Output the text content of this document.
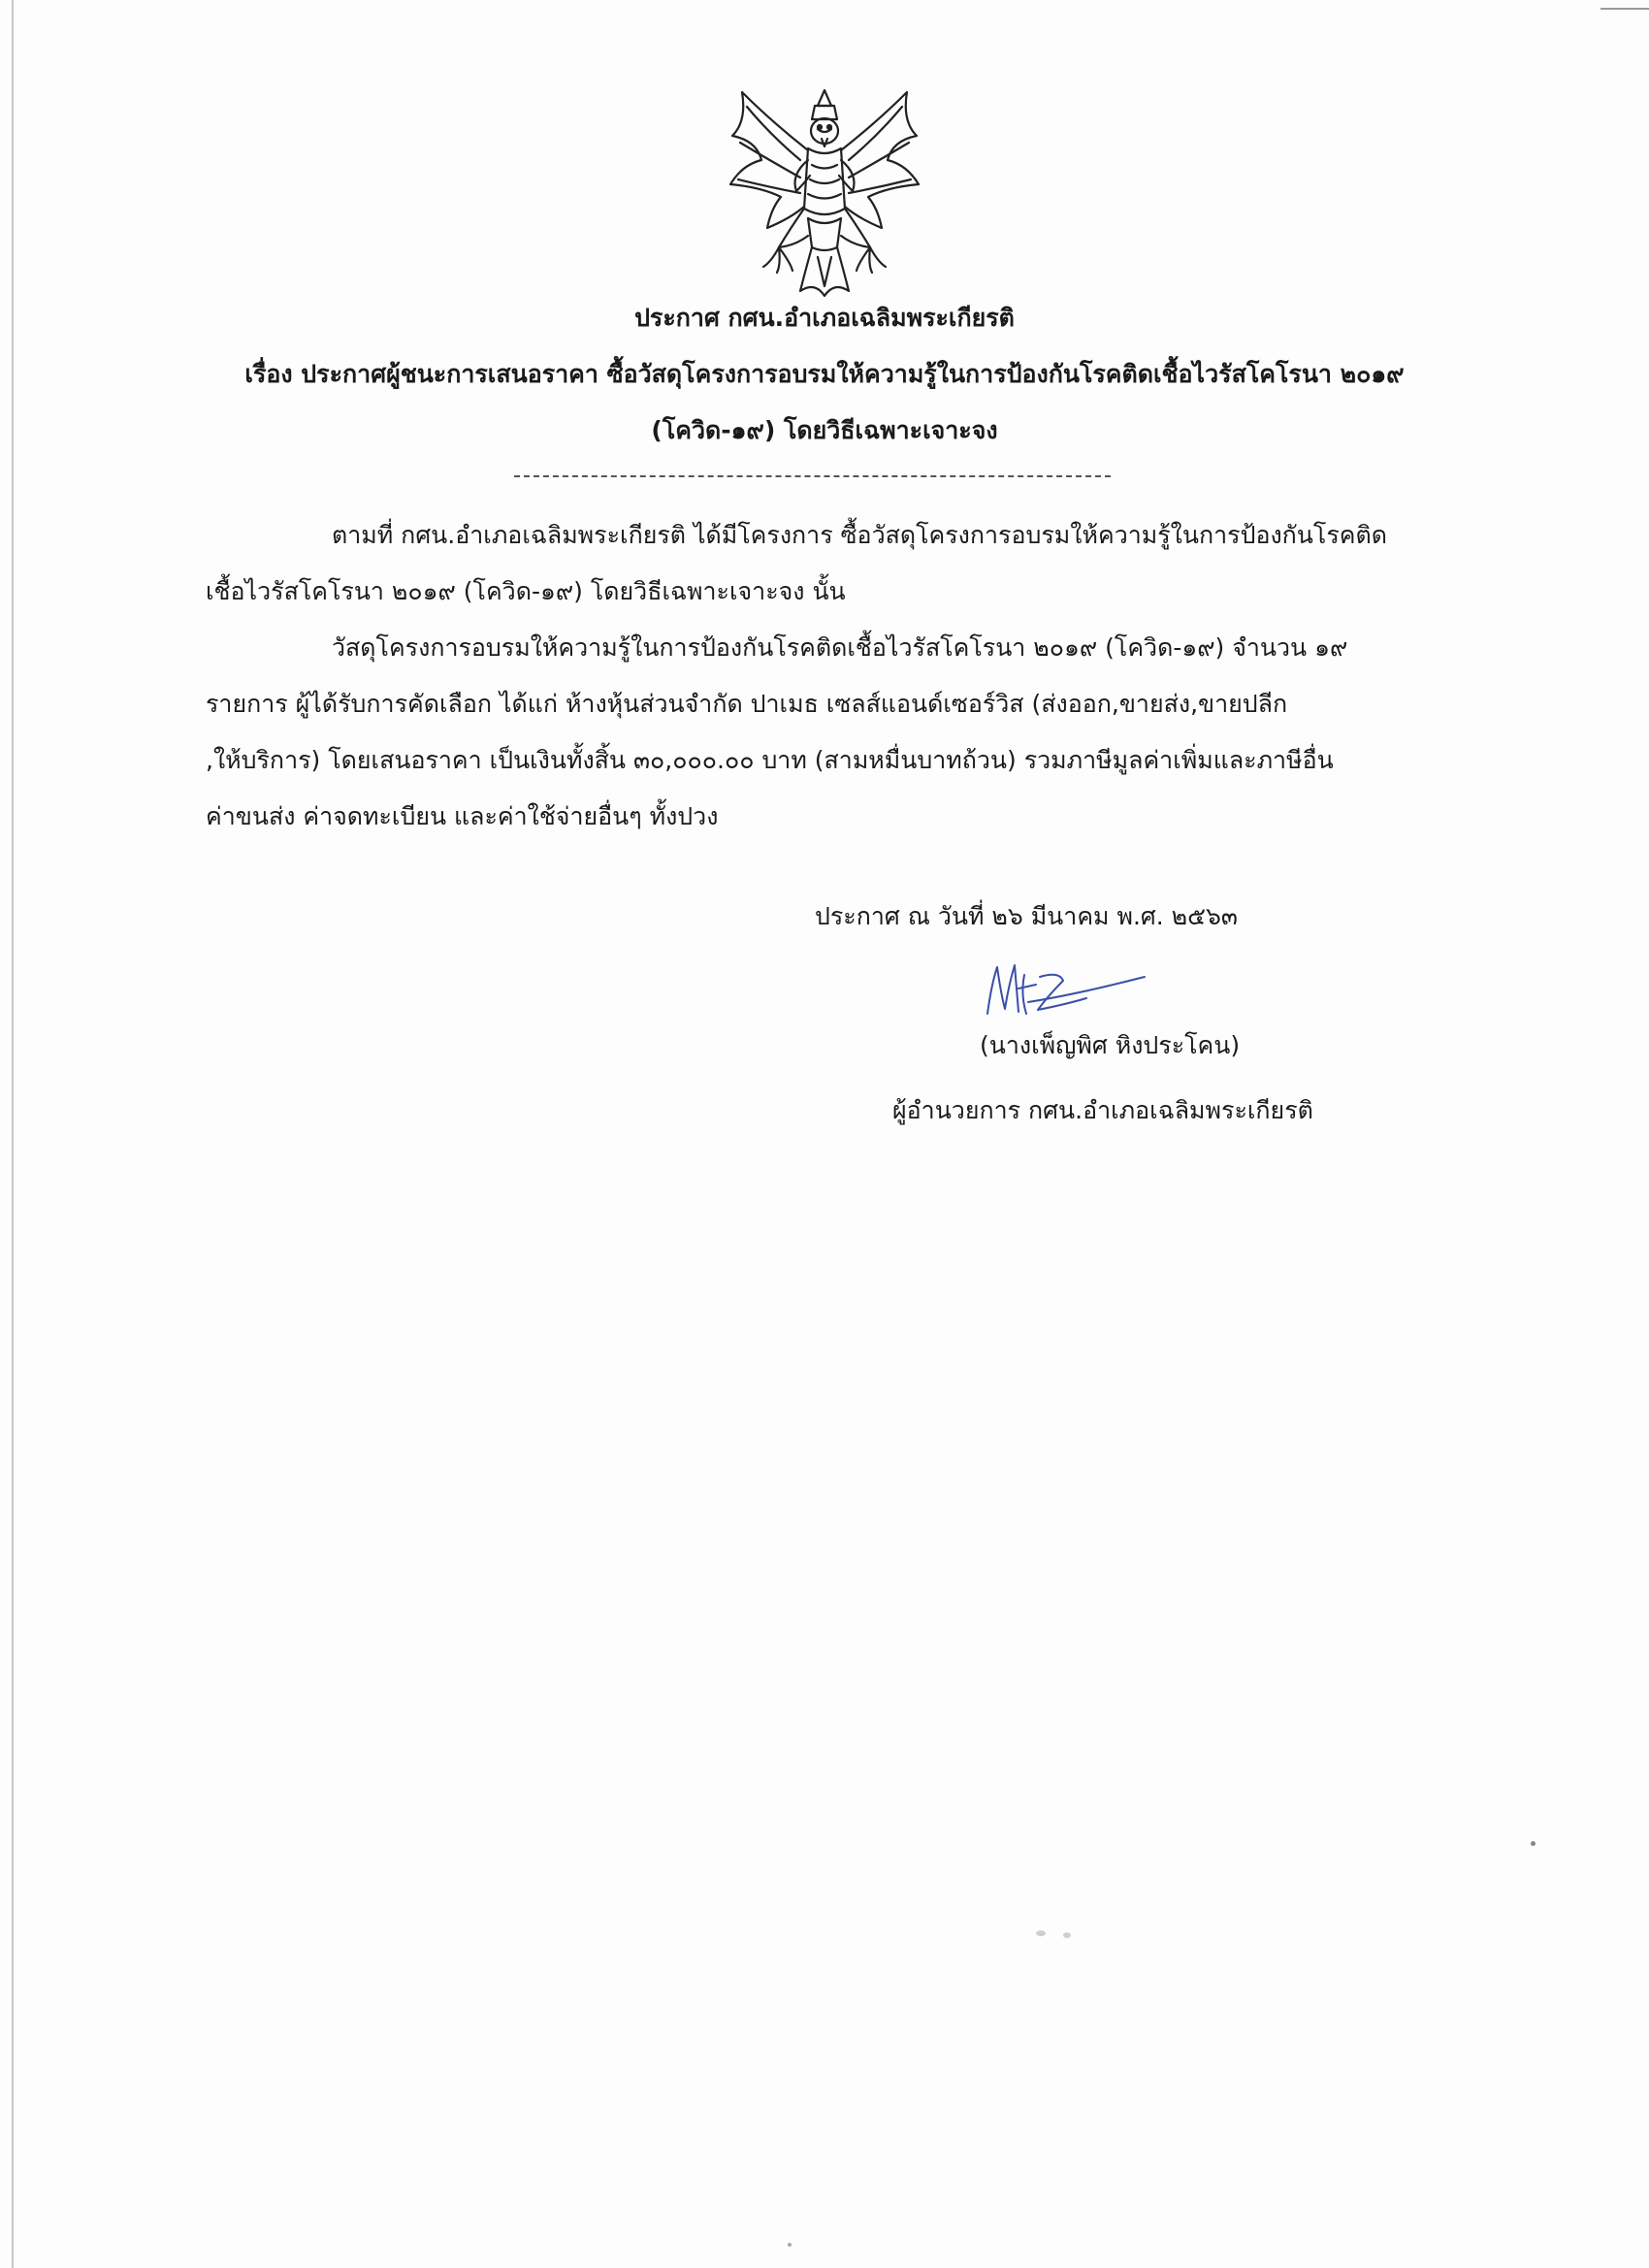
ประกาศ กศน.อำเภอเฉลิมพระเกียรติ
เรื่อง ประกาศผู้ชนะการเสนอราคา ซื้อวัสดุโครงการอบรมให้ความรู้ในการป้องกันโรคติดเชื้อไวรัสโคโรนา ๒๐๑๙
(โควิด-๑๙) โดยวิธีเฉพาะเจาะจง
ตามที่ กศน.อำเภอเฉลิมพระเกียรติ ได้มีโครงการ ซื้อวัสดุโครงการอบรมให้ความรู้ในการป้องกันโรคติด
เชื้อไวรัสโคโรนา ๒๐๑๙ (โควิด-๑๙) โดยวิธีเฉพาะเจาะจง นั้น
วัสดุโครงการอบรมให้ความรู้ในการป้องกันโรคติดเชื้อไวรัสโคโรนา ๒๐๑๙ (โควิด-๑๙) จำนวน ๑๙
รายการ ผู้ได้รับการคัดเลือก ได้แก่ ห้างหุ้นส่วนจำกัด ปาเมธ เซลส์แอนด์เซอร์วิส (ส่งออก,ขายส่ง,ขายปลีก
,ให้บริการ) โดยเสนอราคา เป็นเงินทั้งสิ้น ๓๐,๐๐๐.๐๐ บาท (สามหมื่นบาทถ้วน) รวมภาษีมูลค่าเพิ่มและภาษีอื่น
ค่าขนส่ง ค่าจดทะเบียน และค่าใช้จ่ายอื่นๆ ทั้งปวง
ประกาศ ณ วันที่ ๒๖ มีนาคม พ.ศ. ๒๕๖๓
(นางเพ็ญพิศ หิงประโคน)
ผู้อำนวยการ กศน.อำเภอเฉลิมพระเกียรติ
